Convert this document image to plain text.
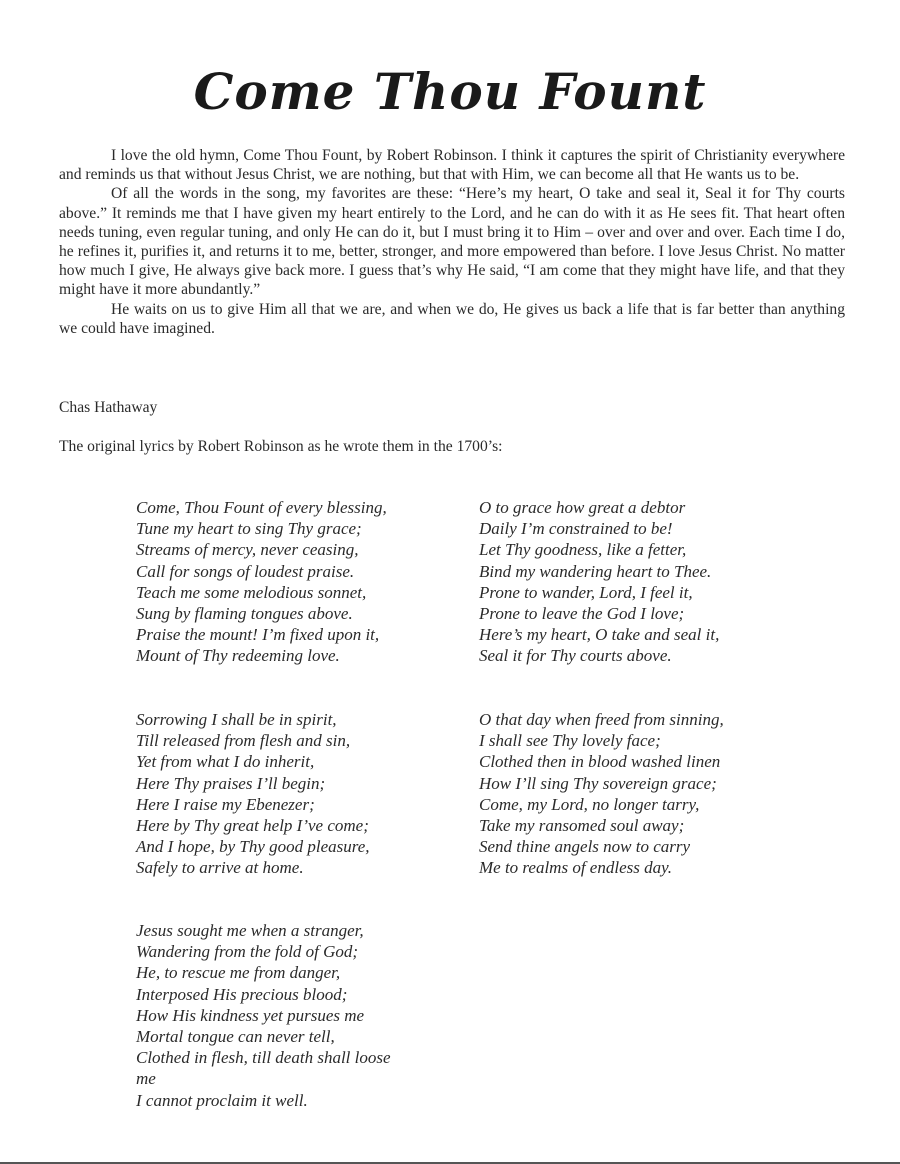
Come Thou Fount

I love the old hymn, Come Thou Fount, by Robert Robinson. I think it captures the spirit of Christianity everywhere and reminds us that without Jesus Christ, we are nothing, but that with Him, we can become all that He wants us to be.

Of all the words in the song, my favorites are these: “Here’s my heart, O take and seal it, Seal it for Thy courts above.” It reminds me that I have given my heart entirely to the Lord, and he can do with it as He sees fit. That heart often needs tuning, even regular tuning, and only He can do it, but I must bring it to Him – over and over and over. Each time I do, he refines it, purifies it, and returns it to me, better, stronger, and more empowered than before. I love Jesus Christ. No matter how much I give, He always give back more. I guess that’s why He said, “I am come that they might have life, and that they might have it more abundantly.”

He waits on us to give Him all that we are, and when we do, He gives us back a life that is far better than anything we could have imagined.

Chas Hathaway

The original lyrics by Robert Robinson as he wrote them in the 1700’s:

Come, Thou Fount of every blessing,
Tune my heart to sing Thy grace;
Streams of mercy, never ceasing,
Call for songs of loudest praise.
Teach me some melodious sonnet,
Sung by flaming tongues above.
Praise the mount! I’m fixed upon it,
Mount of Thy redeeming love.
O to grace how great a debtor
Daily I’m constrained to be!
Let Thy goodness, like a fetter,
Bind my wandering heart to Thee.
Prone to wander, Lord, I feel it,
Prone to leave the God I love;
Here’s my heart, O take and seal it,
Seal it for Thy courts above.
Sorrowing I shall be in spirit,
Till released from flesh and sin,
Yet from what I do inherit,
Here Thy praises I’ll begin;
Here I raise my Ebenezer;
Here by Thy great help I’ve come;
And I hope, by Thy good pleasure,
Safely to arrive at home.
O that day when freed from sinning,
I shall see Thy lovely face;
Clothed then in blood washed linen
How I’ll sing Thy sovereign grace;
Come, my Lord, no longer tarry,
Take my ransomed soul away;
Send thine angels now to carry
Me to realms of endless day.
Jesus sought me when a stranger,
Wandering from the fold of God;
He, to rescue me from danger,
Interposed His precious blood;
How His kindness yet pursues me
Mortal tongue can never tell,
Clothed in flesh, till death shall loose
me
I cannot proclaim it well.
